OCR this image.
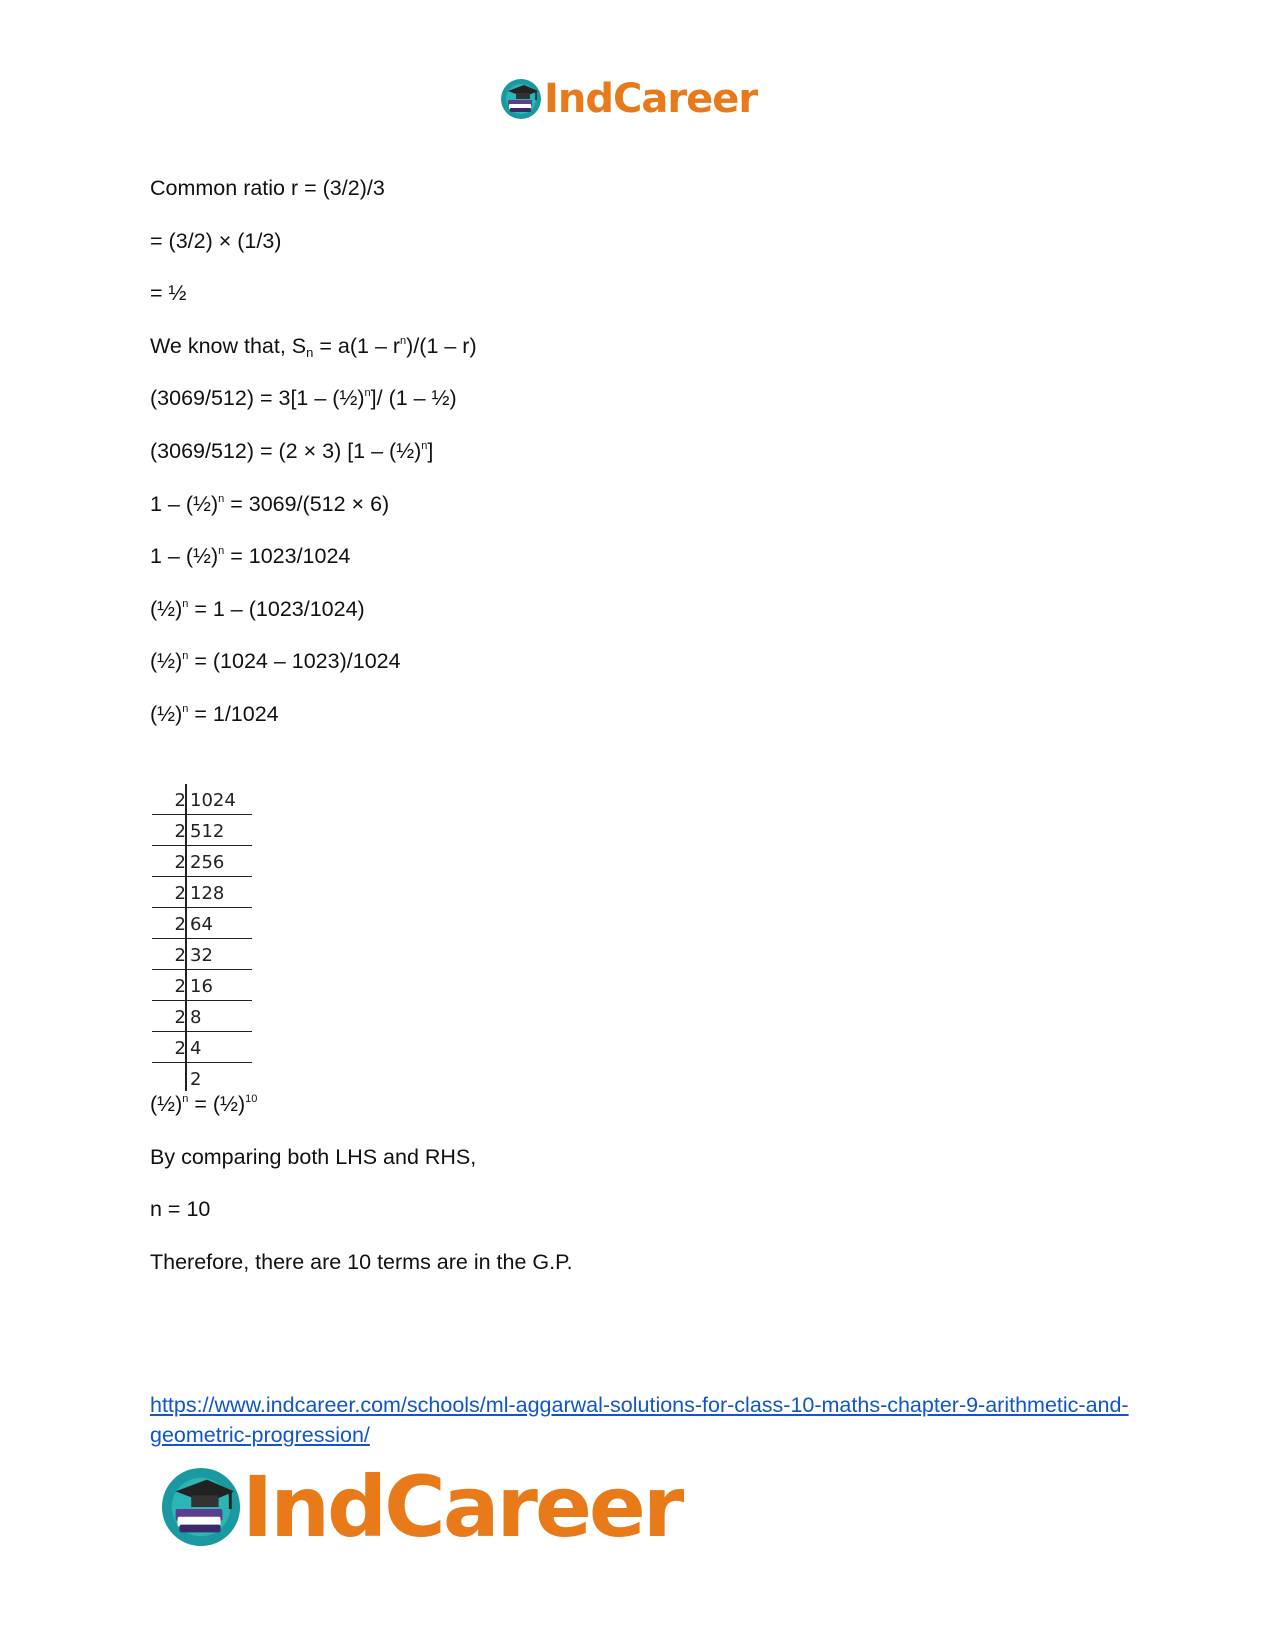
IndCareer
Common ratio r = (3/2)/3
= (3/2) × (1/3)
= ½
We know that, $S_n = a(1 - r^n)/(1 - r)$
(3069/512) = 3[1 – (½)$^n$]/ (1 – ½)
(3069/512) = (2 × 3) [1 – (½)$^n$]
1 – (½)$^n$ = 3069/(512 × 6)
1 – (½)$^n$ = 1023/1024
(½)$^n$ = 1 – (1023/1024)
(½)$^n$ = (1024 – 1023)/1024
(½)$^n$ = 1/1024
2 1024
2 512
2 256
2 128
2 64
2 32
2 16
2 8
2 4
2
(½)$^n$ = (½)$^{10}$
By comparing both LHS and RHS,
n = 10
Therefore, there are 10 terms are in the G.P.
https://www.indcareer.com/schools/ml-aggarwal-solutions-for-class-10-maths-chapter-9-arithmetic-and-geometric-progression/
IndCareer
